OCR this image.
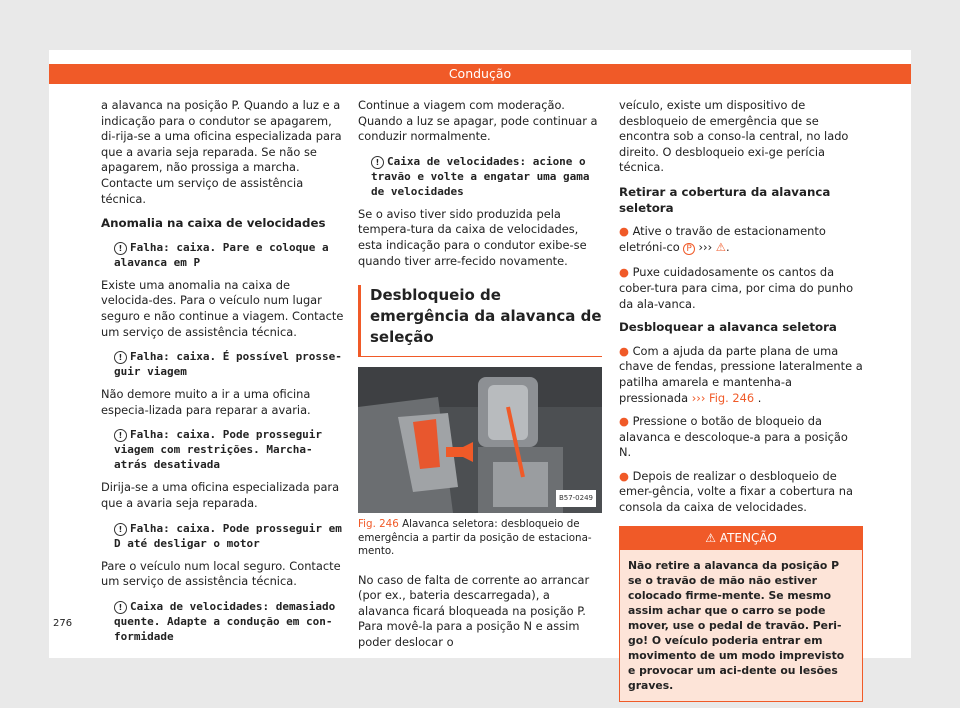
Condução

a alavanca na posição P. Quando a luz e a indicação para o condutor se apagarem, di-rija-se a uma oficina especializada para que a avaria seja reparada. Se não se apagarem, não prossiga a marcha. Contacte um serviço de assistência técnica.

Anomalia na caixa de velocidades
! Falha: caixa. Pare e coloque a alavanca em P

Existe uma anomalia na caixa de velocida-des. Para o veículo num lugar seguro e não continue a viagem. Contacte um serviço de assistência técnica.

! Falha: caixa. É possível prosse-guir viagem

Não demore muito a ir a uma oficina especia-lizada para reparar a avaria.

! Falha: caixa. Pode prosseguir viagem com restrições. Marcha-atrás desativada

Dirija-se a uma oficina especializada para que a avaria seja reparada.

! Falha: caixa. Pode prosseguir em D até desligar o motor

Pare o veículo num local seguro. Contacte um serviço de assistência técnica.

! Caixa de velocidades: demasiado quente. Adapte a condução em con-formidade

Continue a viagem com moderação. Quando a luz se apagar, pode continuar a conduzir normalmente.

! Caixa de velocidades: acione o travão e volte a engatar uma gama de velocidades

Se o aviso tiver sido produzida pela tempera-tura da caixa de velocidades, esta indicação para o condutor exibe-se quando tiver arre-fecido novamente.

Desbloqueio de emergência da alavanca de seleção
B57-0249
Fig. 246 Alavanca seletora: desbloqueio de emergência a partir da posição de estaciona-mento.

No caso de falta de corrente ao arrancar (por ex., bateria descarregada), a alavanca ficará bloqueada na posição P. Para movê-la para a posição N e assim poder deslocar o

veículo, existe um dispositivo de desbloqueio de emergência que se encontra sob a conso-la central, no lado direito. O desbloqueio exi-ge perícia técnica.

Retirar a cobertura da alavanca seletora
● Ative o travão de estacionamento eletróni-co P ››› ⚠.
● Puxe cuidadosamente os cantos da cober-tura para cima, por cima do punho da ala-vanca.
Desbloquear a alavanca seletora
● Com a ajuda da parte plana de uma chave de fendas, pressione lateralmente a patilha amarela e mantenha-a pressionada ››› Fig. 246 .
● Pressione o botão de bloqueio da alavanca e descoloque-a para a posição N.
● Depois de realizar o desbloqueio de emer-gência, volte a fixar a cobertura na consola da caixa de velocidades.
⚠ ATENÇÃO
Não retire a alavanca da posição P se o travão de mão não estiver colocado firme-mente. Se mesmo assim achar que o carro se pode mover, use o pedal de travão. Peri-go! O veículo poderia entrar em movimento de um modo imprevisto e provocar um aci-dente ou lesões graves.
276
